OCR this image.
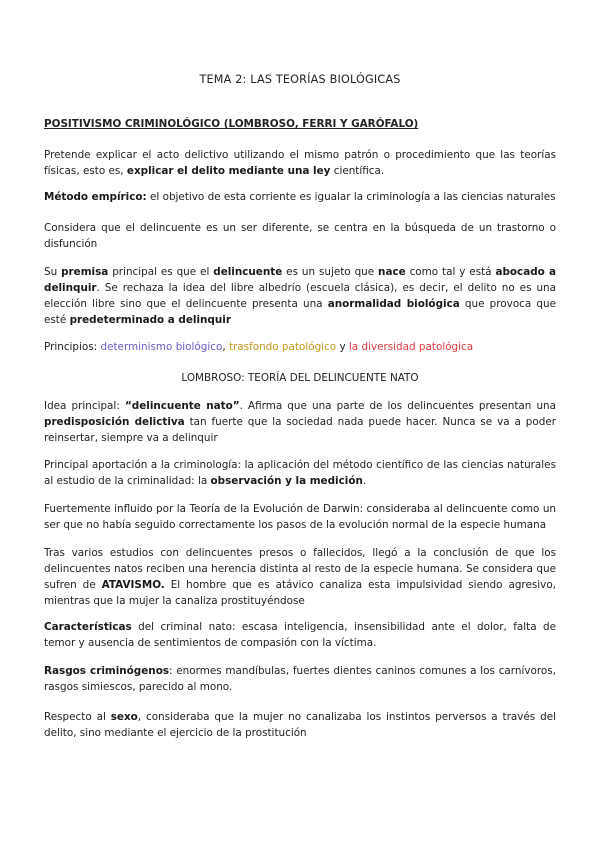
TEMA 2: LAS TEORÍAS BIOLÓGICAS
POSITIVISMO CRIMINOLÓGICO (LOMBROSO, FERRI Y GARÓFALO)

Pretende explicar el acto delictivo utilizando el mismo patrón o procedimiento que las teorías físicas, esto es, explicar el delito mediante una ley científica.

Método empírico: el objetivo de esta corriente es igualar la criminología a las ciencias naturales

Considera que el delincuente es un ser diferente, se centra en la búsqueda de un trastorno o disfunción

Su premisa principal es que el delincuente es un sujeto que nace como tal y está abocado a delinquir. Se rechaza la idea del libre albedrío (escuela clásica), es decir, el delito no es una elección libre sino que el delincuente presenta una anormalidad biológica que provoca que esté predeterminado a delinquir

Principios: determinismo biológico, trasfondo patológico y la diversidad patológica

LOMBROSO: TEORÍA DEL DELINCUENTE NATO

Idea principal: “delincuente nato”. Afirma que una parte de los delincuentes presentan una predisposición delictiva tan fuerte que la sociedad nada puede hacer. Nunca se va a poder reinsertar, siempre va a delinquir

Principal aportación a la criminología: la aplicación del método científico de las ciencias naturales al estudio de la criminalidad: la observación y la medición.

Fuertemente influido por la Teoría de la Evolución de Darwin: consideraba al delincuente como un ser que no había seguido correctamente los pasos de la evolución normal de la especie humana

Tras varios estudios con delincuentes presos o fallecidos, llegó a la conclusión de que los delincuentes natos reciben una herencia distinta al resto de la especie humana. Se considera que sufren de ATAVISMO. El hombre que es atávico canaliza esta impulsividad siendo agresivo, mientras que la mujer la canaliza prostituyéndose

Características del criminal nato: escasa inteligencia, insensibilidad ante el dolor, falta de temor y ausencia de sentimientos de compasión con la víctima.

Rasgos criminógenos: enormes mandíbulas, fuertes dientes caninos comunes a los carnívoros, rasgos simiescos, parecido al mono.

Respecto al sexo, consideraba que la mujer no canalizaba los instintos perversos a través del delito, sino mediante el ejercicio de la prostitución
